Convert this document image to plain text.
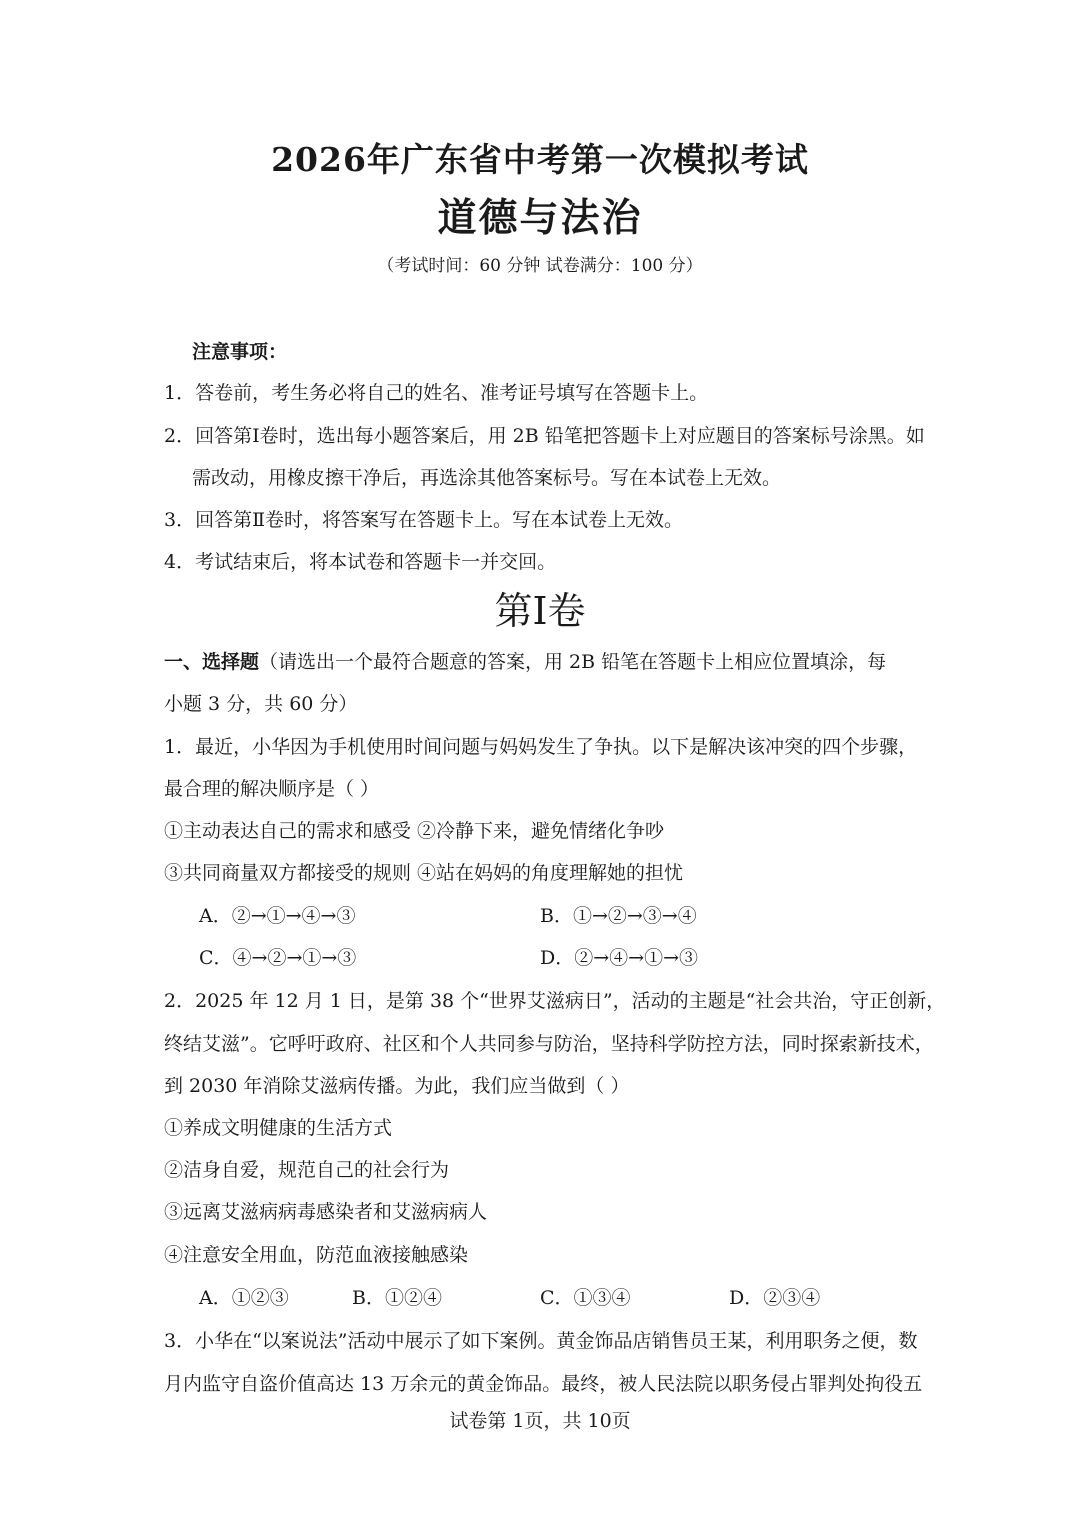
2026年广东省中考第一次模拟考试
道德与法治
（考试时间：60 分钟 试卷满分：100 分）
注意事项：
1．答卷前，考生务必将自己的姓名、准考证号填写在答题卡上。
2．回答第Ⅰ卷时，选出每小题答案后，用 2B 铅笔把答题卡上对应题目的答案标号涂黑。如
需改动，用橡皮擦干净后，再选涂其他答案标号。写在本试卷上无效。
3．回答第Ⅱ卷时，将答案写在答题卡上。写在本试卷上无效。
4．考试结束后，将本试卷和答题卡一并交回。
第Ⅰ卷
一、选择题（请选出一个最符合题意的答案，用 2B 铅笔在答题卡上相应位置填涂，每
小题 3 分，共 60 分）
1．最近，小华因为手机使用时间问题与妈妈发生了争执。以下是解决该冲突的四个步骤，
最合理的解决顺序是（ ）
①主动表达自己的需求和感受 ②冷静下来，避免情绪化争吵
③共同商量双方都接受的规则 ④站在妈妈的角度理解她的担忧
A．②→①→④→③	B．①→②→③→④
C．④→②→①→③	D．②→④→①→③
2．2025 年 12 月 1 日，是第 38 个“世界艾滋病日”，活动的主题是“社会共治，守正创新，
终结艾滋”。它呼吁政府、社区和个人共同参与防治，坚持科学防控方法，同时探索新技术，
到 2030 年消除艾滋病传播。为此，我们应当做到（ ）
①养成文明健康的生活方式
②洁身自爱，规范自己的社会行为
③远离艾滋病病毒感染者和艾滋病病人
④注意安全用血，防范血液接触感染
A．①②③	B．①②④	C．①③④	D．②③④
3．小华在“以案说法”活动中展示了如下案例。黄金饰品店销售员王某，利用职务之便，数
月内监守自盗价值高达 13 万余元的黄金饰品。最终，被人民法院以职务侵占罪判处拘役五
试卷第 1页，共 10页
